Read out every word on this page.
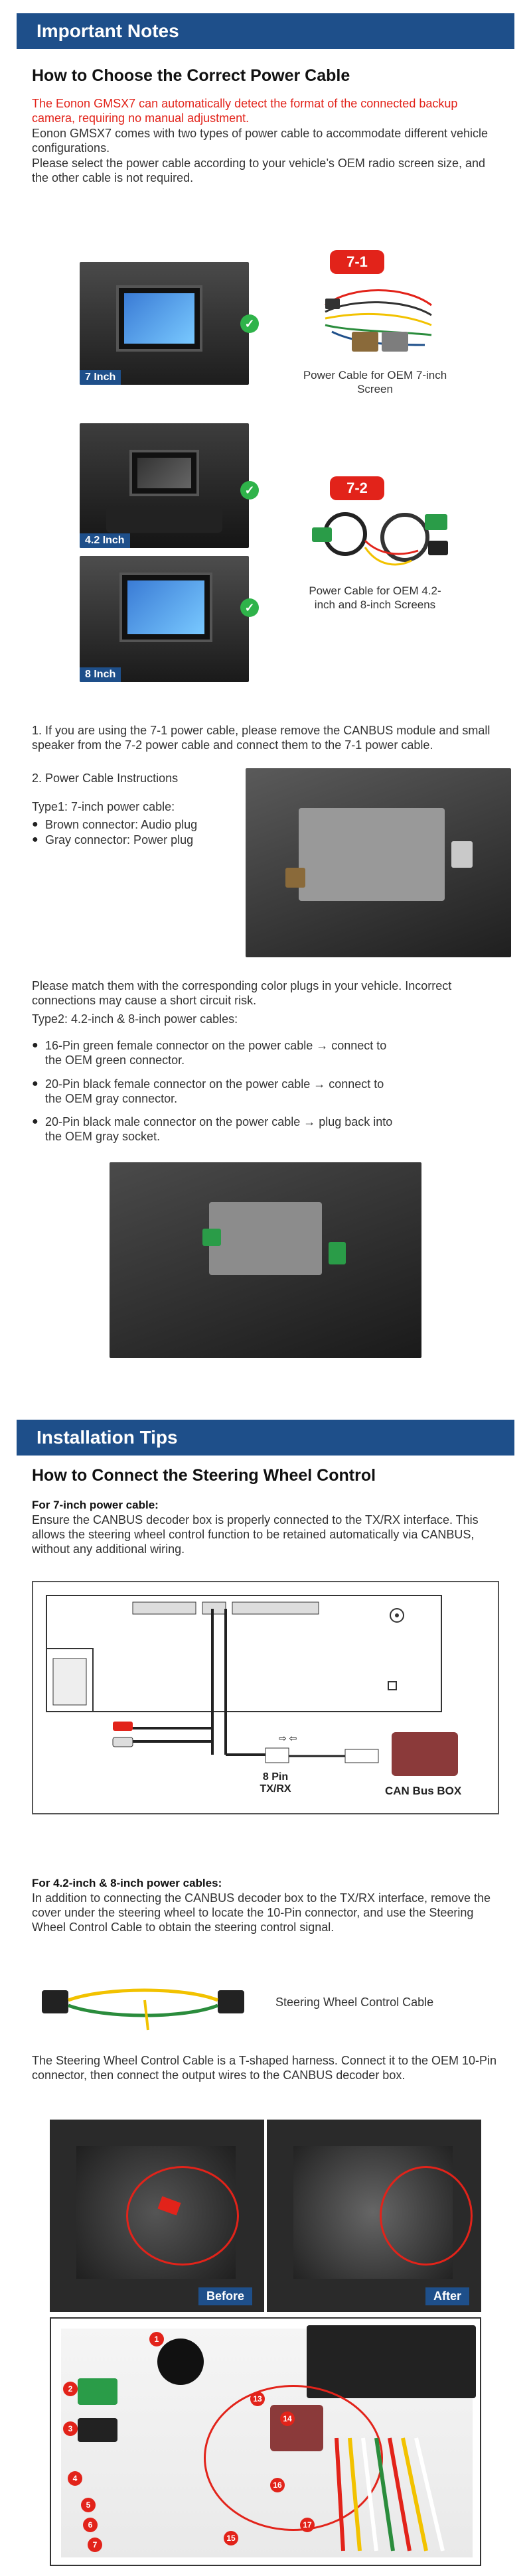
Important Notes
How to Choose the Correct Power Cable
The Eonon GMSX7 can automatically detect the format of the connected backup camera, requiring no manual adjustment.
Eonon GMSX7 comes with two types of power cable to accommodate different vehicle configurations.
Please select the power cable according to your vehicle’s OEM radio screen size, and the other cable is not required.
7 Inch
✓
7-1
Power Cable for OEM 7-inch Screen
4.2 Inch
✓
8 Inch
✓
7-2
Power Cable for OEM 4.2-inch and 8-inch Screens
1. If you are using the 7-1 power cable, please remove the CANBUS module and small speaker from the 7-2 power cable and connect them to the 7-1 power cable.
2. Power Cable Instructions
Type1: 7-inch power cable:
● Brown connector: Audio plug
● Gray connector: Power plug
Please match them with the corresponding color plugs in your vehicle. Incorrect connections may cause a short circuit risk.
Type2: 4.2-inch & 8-inch power cables:
● 16-Pin green female connector on the power cable → connect to the OEM green connector.
● 20-Pin black female connector on the power cable → connect to the OEM gray connector.
● 20-Pin black male connector on the power cable → plug back into the OEM gray socket.
Installation Tips
How to Connect the Steering Wheel Control
For 7-inch power cable:
Ensure the CANBUS decoder box is properly connected to the TX/RX interface. This allows the steering wheel control function to be retained automatically via CANBUS, without any additional wiring.
⇨ ⇦
8 Pin
TX/RX	CAN Bus BOX
For 4.2-inch & 8-inch power cables:
In addition to connecting the CANBUS decoder box to the TX/RX interface, remove the cover under the steering wheel to locate the 10-Pin connector, and use the Steering Wheel Control Cable to obtain the steering control signal.
Steering Wheel Control Cable
The Steering Wheel Control Cable is a T-shaped harness. Connect it to the OEM 10-Pin connector, then connect the output wires to the CANBUS decoder box.
Before	After
1
2
3
4
5
6
7
13
14
15
16
17
